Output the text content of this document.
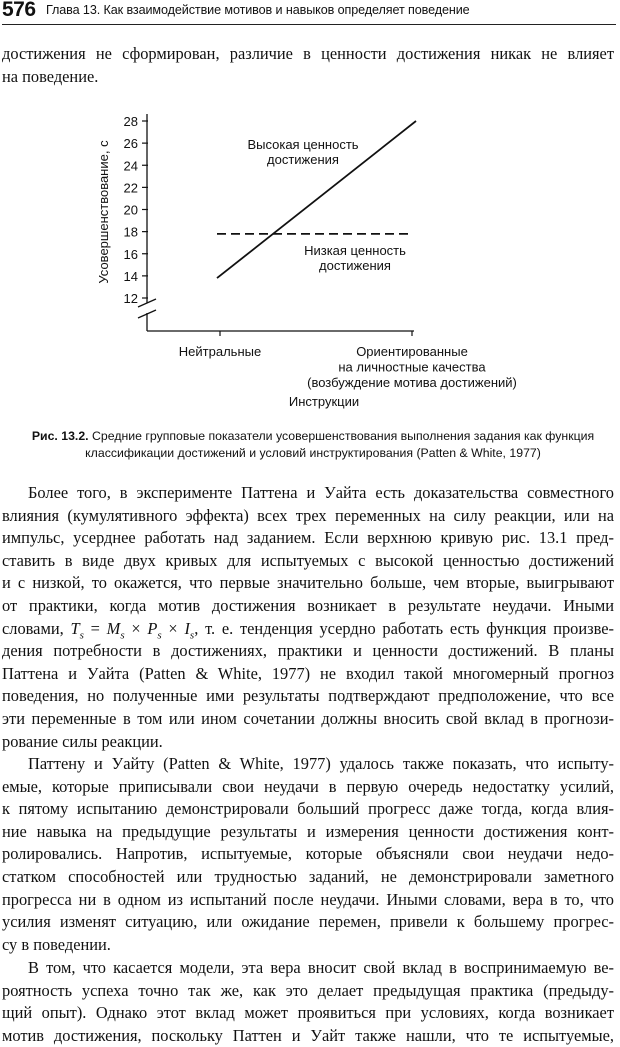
576 Глава 13. Как взаимодействие мотивов и навыков определяет поведение
достижения не сформирован, различие в ценности достижения никак не влияет
на поведение.
28
26
24
22
20
18
16
14
12
Усовершенствование, с
Нейтральные	Ориентированные
на личностные качества
(возбуждение мотива достижений)
Инструкции
Высокая ценность
достижения
Низкая ценность
достижения
Рис. 13.2. Средние групповые показатели усовершенствования выполнения задания как функция
классификации достижений и условий инструктирования (Patten & White, 1977)
Более того, в эксперименте Паттена и Уайта есть доказательства совместного
влияния (кумулятивного эффекта) всех трех переменных на силу реакции, или на
импульс, усерднее работать над заданием. Если верхнюю кривую рис. 13.1 пред-
ставить в виде двух кривых для испытуемых с высокой ценностью достижений
и с низкой, то окажется, что первые значительно больше, чем вторые, выигрывают
от практики, когда мотив достижения возникает в результате неудачи. Иными
словами, $T_s = M_s \times P_s \times I_s$, т. е. тенденция усердно работать есть функция произве-
дения потребности в достижениях, практики и ценности достижений. В планы
Паттена и Уайта (Patten & White, 1977) не входил такой многомерный прогноз
поведения, но полученные ими результаты подтверждают предположение, что все
эти переменные в том или ином сочетании должны вносить свой вклад в прогнози-
рование силы реакции.
Паттену и Уайту (Patten & White, 1977) удалось также показать, что испыту-
емые, которые приписывали свои неудачи в первую очередь недостатку усилий,
к пятому испытанию демонстрировали больший прогресс даже тогда, когда влия-
ние навыка на предыдущие результаты и измерения ценности достижения конт-
ролировались. Напротив, испытуемые, которые объясняли свои неудачи недо-
статком способностей или трудностью заданий, не демонстрировали заметного
прогресса ни в одном из испытаний после неудачи. Иными словами, вера в то, что
усилия изменят ситуацию, или ожидание перемен, привели к большему прогрес-
су в поведении.
В том, что касается модели, эта вера вносит свой вклад в воспринимаемую ве-
роятность успеха точно так же, как это делает предыдущая практика (предыду-
щий опыт). Однако этот вклад может проявиться при условиях, когда возникает
мотив достижения, поскольку Паттен и Уайт также нашли, что те испытуемые,
